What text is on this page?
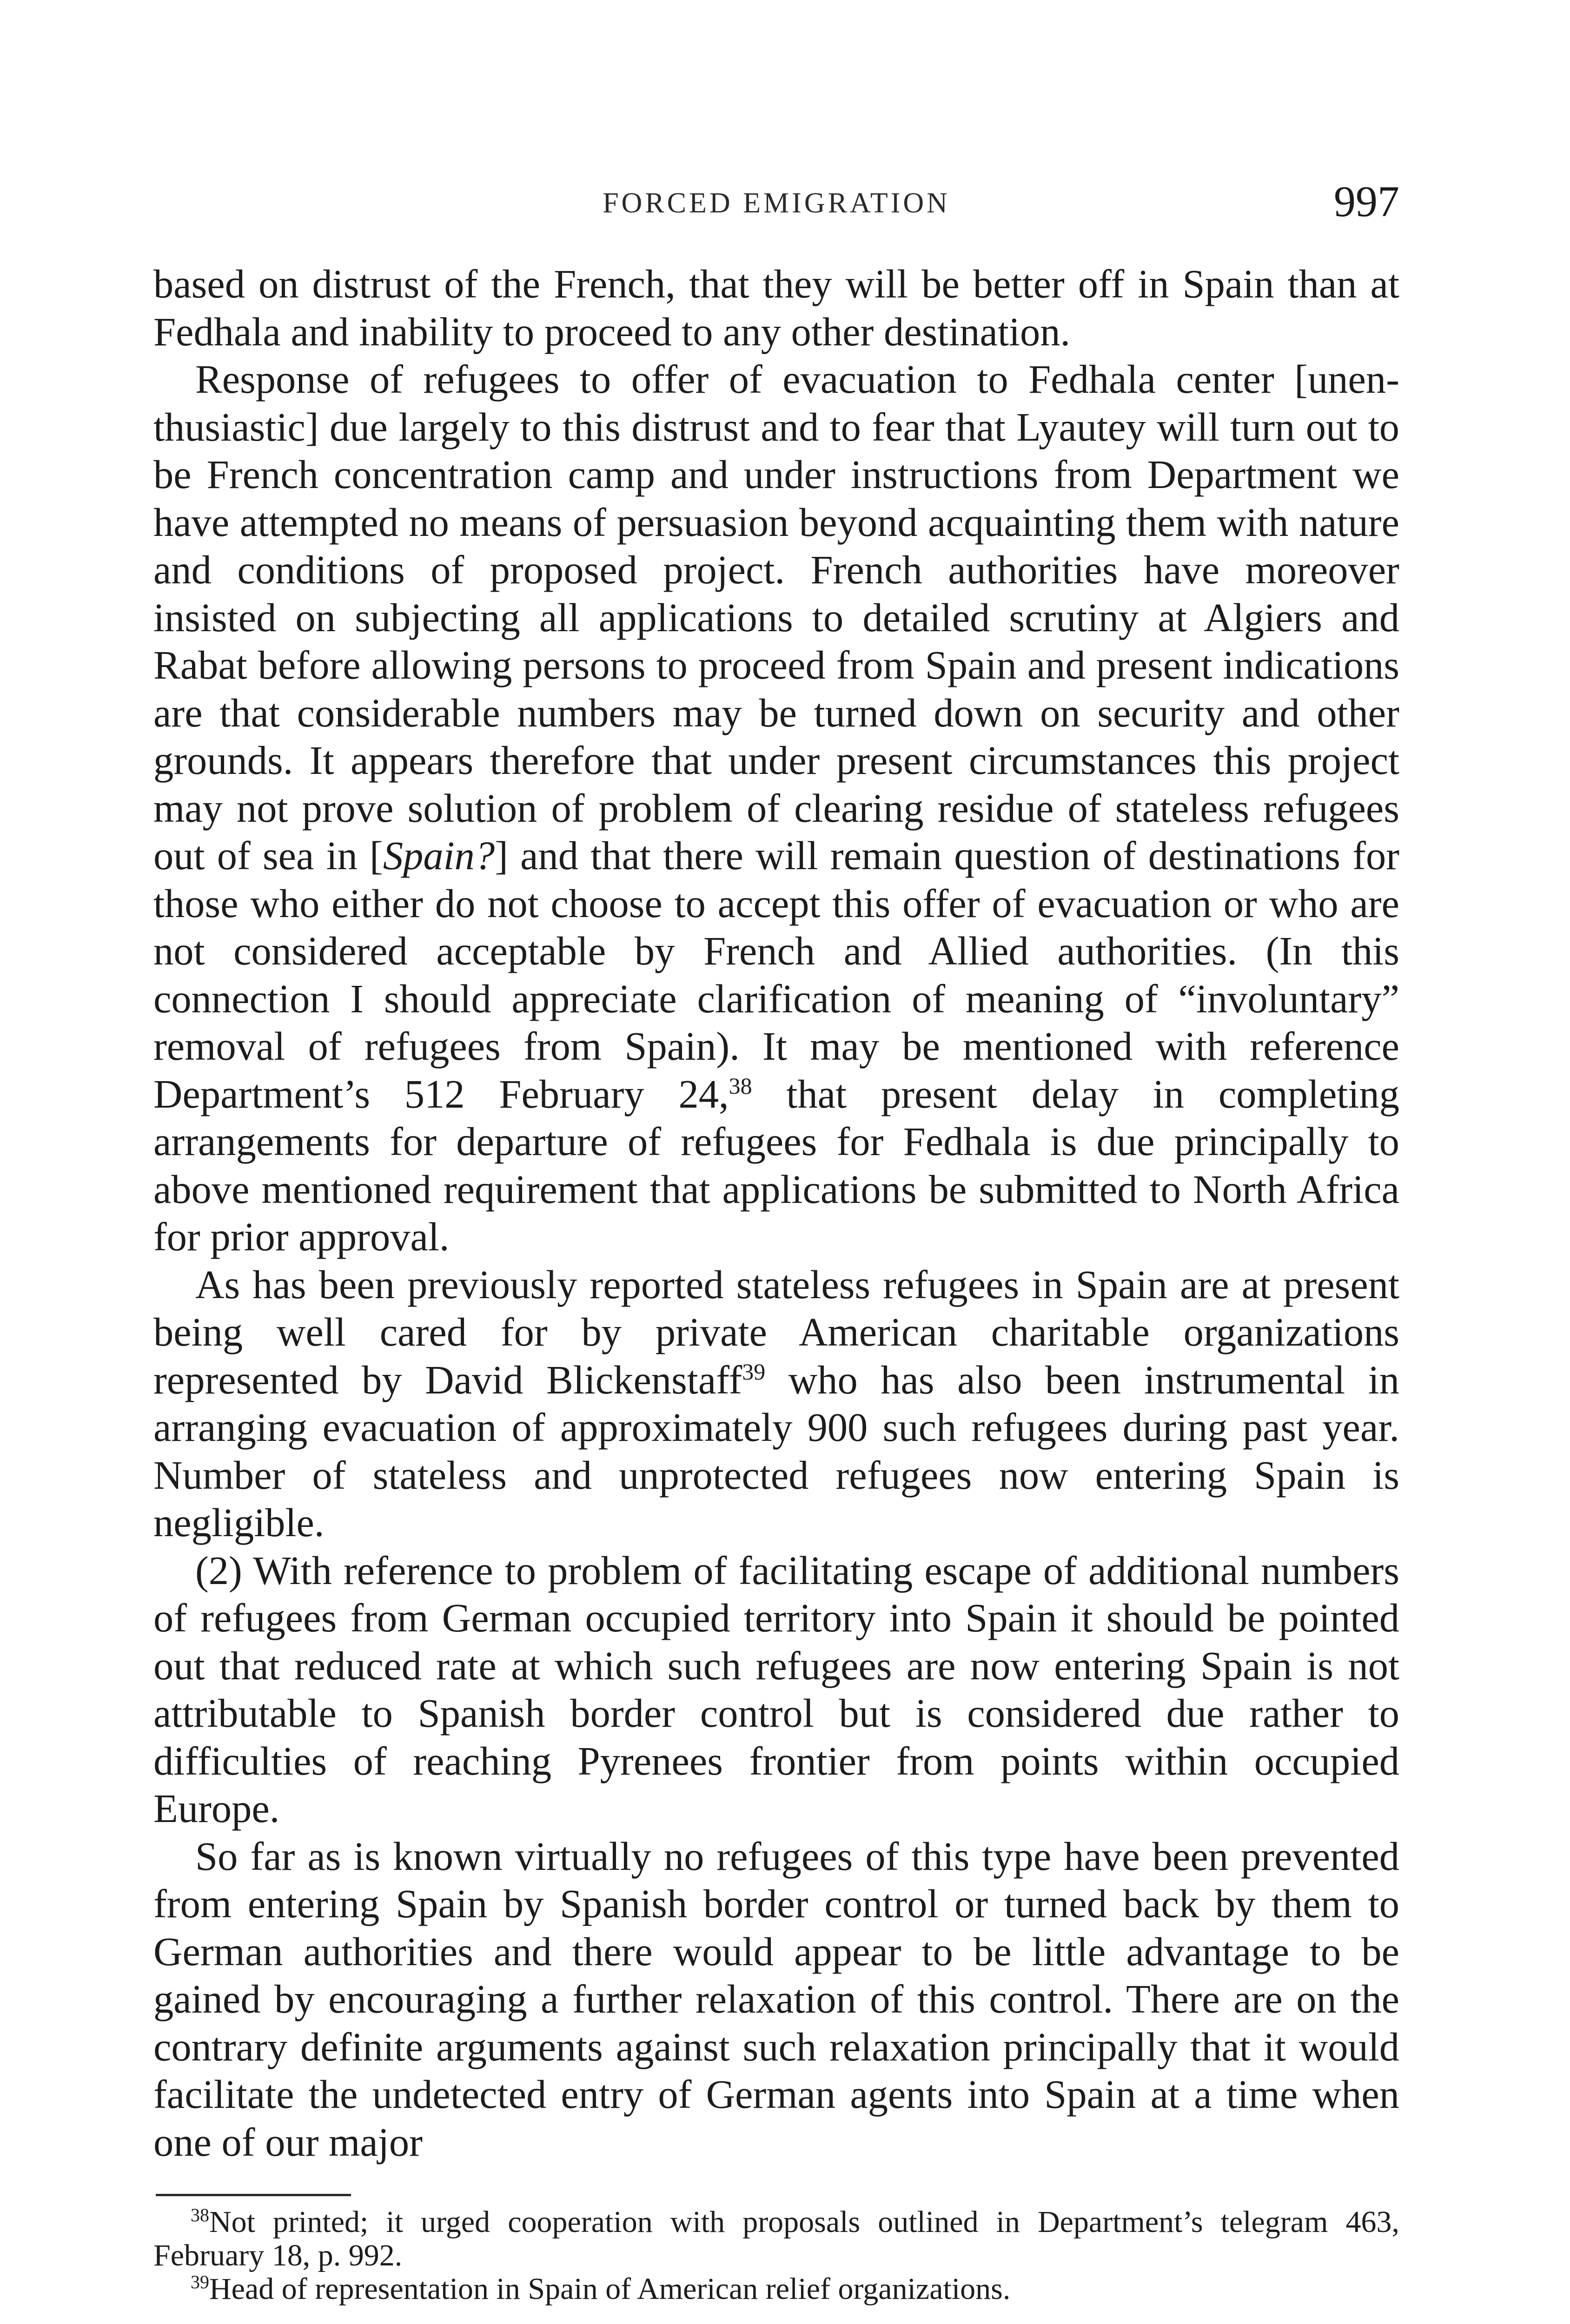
FORCED EMIGRATION	997

based on distrust of the French, that they will be better off in Spain than at Fedhala and inability to proceed to any other destination.

Response of refugees to offer of evacuation to Fedhala center [unenthusiastic] due largely to this distrust and to fear that Lyautey will turn out to be French concentration camp and under instructions from Department we have attempted no means of persuasion beyond acquainting them with nature and conditions of proposed project. French authorities have moreover insisted on subjecting all applications to detailed scrutiny at Algiers and Rabat before allowing persons to proceed from Spain and present indications are that considerable numbers may be turned down on security and other grounds. It appears therefore that under present circumstances this project may not prove solution of problem of clearing residue of stateless refugees out of sea in [Spain?] and that there will remain question of destinations for those who either do not choose to accept this offer of evacuation or who are not considered acceptable by French and Allied authorities. (In this connection I should appreciate clarification of meaning of “involuntary” removal of refugees from Spain). It may be mentioned with reference Department’s 512 February 24,38 that present delay in completing arrangements for departure of refugees for Fedhala is due principally to above mentioned requirement that applications be submitted to North Africa for prior approval.

As has been previously reported stateless refugees in Spain are at present being well cared for by private American charitable organizations represented by David Blickenstaff$^{39}$ who has also been instrumental in arranging evacuation of approximately 900 such refugees during past year. Number of stateless and unprotected refugees now entering Spain is negligible.

(2) With reference to problem of facilitating escape of additional numbers of refugees from German occupied territory into Spain it should be pointed out that reduced rate at which such refugees are now entering Spain is not attributable to Spanish border control but is considered due rather to difficulties of reaching Pyrenees frontier from points within occupied Europe.

So far as is known virtually no refugees of this type have been prevented from entering Spain by Spanish border control or turned back by them to German authorities and there would appear to be little advantage to be gained by encouraging a further relaxation of this control. There are on the contrary definite arguments against such relaxation principally that it would facilitate the undetected entry of German agents into Spain at a time when one of our major

$^{38}$Not printed; it urged cooperation with proposals outlined in Department’s telegram 463, February 18, p. 992.

$^{39}$Head of representation in Spain of American relief organizations.
